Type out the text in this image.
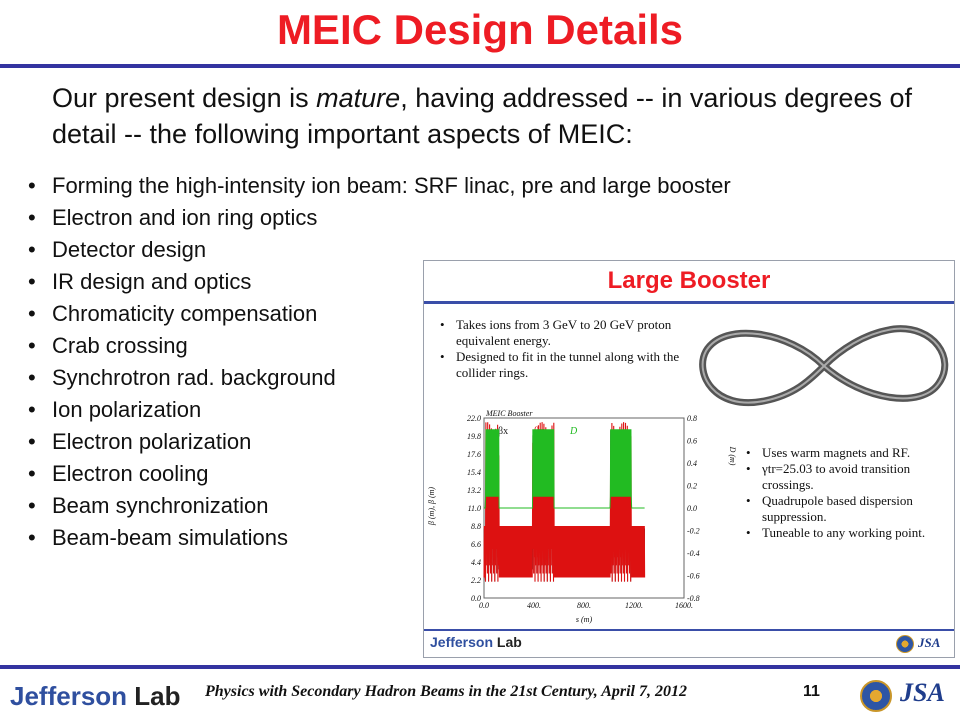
MEIC Design Details
Our present design is mature, having addressed -- in various degrees of detail -- the following important aspects of MEIC:
• Forming the high-intensity ion beam: SRF linac, pre and large booster
• Electron and ion ring optics
• Detector design
• IR design and optics
• Chromaticity compensation
• Crab crossing
• Synchrotron rad. background
• Ion polarization
• Electron polarization
• Electron cooling
• Beam synchronization
• Beam-beam simulations
Large Booster
• Takes ions from 3 GeV to 20 GeV proton equivalent energy.
• Designed to fit in the tunnel along with the collider rings.
MEIC Booster
βx	βy	D
0.0	400.	800.	1200.	1600.
0.0
2.2
4.4
6.6
8.8
11.0
13.2
15.4
17.6
19.8
22.0
-0.8
-0.6
-0.4
-0.2
0.0
0.2
0.4
0.6
0.8
s (m)
β (m), β (m)
D (m)
•	Uses warm magnets and RF.
• γtr=25.03 to avoid transition crossings.
• Quadrupole based dispersion suppression.
• Tuneable to any working point.
Jefferson Lab	JSA
Jefferson Lab Physics with Secondary Hadron Beams in the 21st Century, April 7, 2012	11	JSA
